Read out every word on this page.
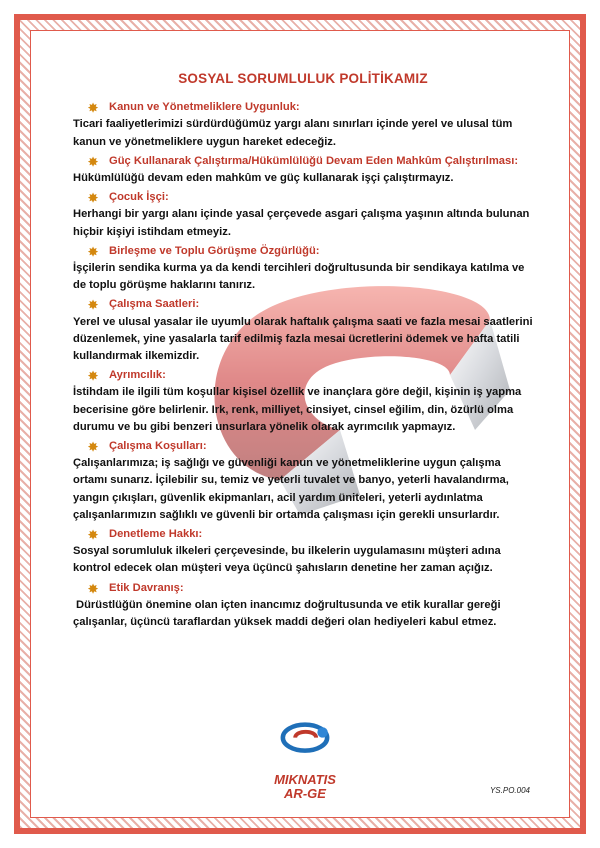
SOSYAL SORUMLULUK POLİTİKAMIZ

✸ Kanun ve Yönetmeliklere Uygunluk:

Ticari faaliyetlerimizi sürdürdüğümüz yargı alanı sınırları içinde yerel ve ulusal tüm kanun ve yönetmeliklere uygun hareket edeceğiz.

✸ Güç Kullanarak Çalıştırma/Hükümlülüğü Devam Eden Mahkûm Çalıştırılması:

Hükümlülüğü devam eden mahkûm ve güç kullanarak işçi çalıştırmayız.

✸ Çocuk İşçi:

Herhangi bir yargı alanı içinde yasal çerçevede asgari çalışma yaşının altında bulunan hiçbir kişiyi istihdam etmeyiz.

✸ Birleşme ve Toplu Görüşme Özgürlüğü:

İşçilerin sendika kurma ya da kendi tercihleri doğrultusunda bir sendikaya katılma ve de toplu görüşme haklarını tanırız.

✸ Çalışma Saatleri:

Yerel ve ulusal yasalar ile uyumlu olarak haftalık çalışma saati ve fazla mesai saatlerini düzenlemek, yine yasalarla tarif edilmiş fazla mesai ücretlerini ödemek ve hafta tatili kullandırmak ilkemizdir.

✸ Ayrımcılık:

İstihdam ile ilgili tüm koşullar kişisel özellik ve inançlara göre değil, kişinin iş yapma becerisine göre belirlenir. Irk, renk, milliyet, cinsiyet, cinsel eğilim, din, özürlü olma durumu ve bu gibi benzeri unsurlara yönelik olarak ayrımcılık yapmayız.

✸ Çalışma Koşulları:

Çalışanlarımıza; iş sağlığı ve güvenliği kanun ve yönetmeliklerine uygun çalışma ortamı sunarız. İçilebilir su, temiz ve yeterli tuvalet ve banyo, yeterli havalandırma, yangın çıkışları, güvenlik ekipmanları, acil yardım üniteleri, yeterli aydınlatma çalışanlarımızın sağlıklı ve güvenli bir ortamda çalışması için gerekli unsurlardır.

✸ Denetleme Hakkı:

Sosyal sorumluluk ilkeleri çerçevesinde, bu ilkelerin uygulamasını müşteri adına kontrol edecek olan müşteri veya üçüncü şahısların denetine her zaman açığız.

✸ Etik Davranış:

Dürüstlüğün önemine olan içten inancımız doğrultusunda ve etik kurallar gereği çalışanlar, üçüncü taraflardan yüksek maddi değeri olan hediyeleri kabul etmez.

MIKNATIS
AR-GE	YS.PO.004
